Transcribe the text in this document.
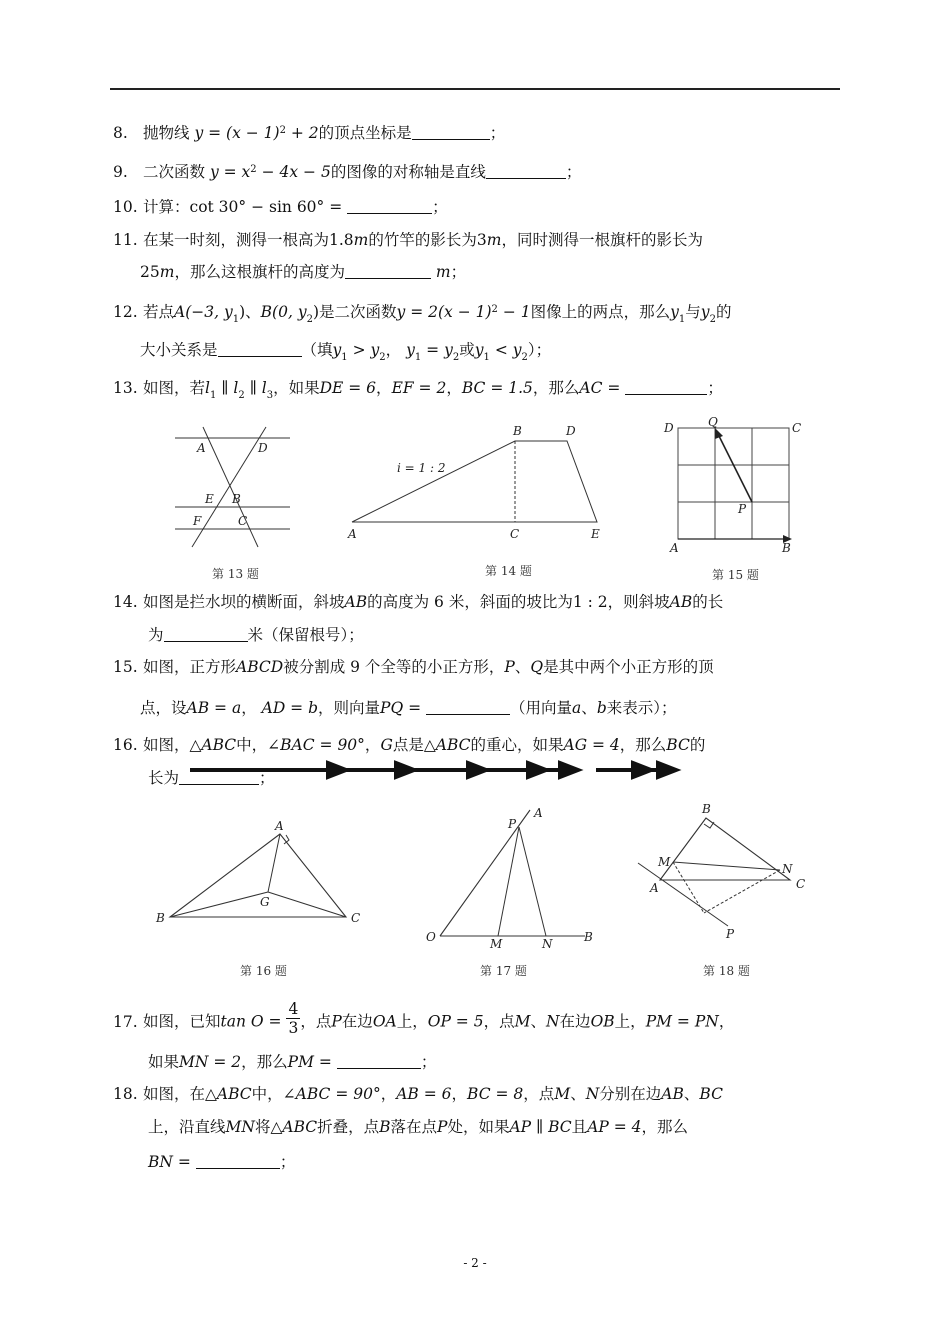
8. 抛物线 $y = (x - 1)^2 + 2$的顶点坐标是	；
9. 二次函数 $y = x^2 - 4x - 5$的图像的对称轴是直线	；
10. 计算：cot 30° − sin 60° =	；
11. 在某一时刻，测得一根高为1.8m的竹竿的影长为3m，同时测得一根旗杆的影长为
25m，那么这根旗杆的高度为	m；
12. 若点A(−3, $y_1$)、B(0, $y_2$)是二次函数$y = 2(x - 1)^2 - 1$图像上的两点，那么$y_1$与$y_2$的
大小关系是	（填$y_1 > y_2$， $y_1 = y_2$或$y_1 < y_2$）；
13. 如图，若$l_1$ ∥ $l_2$ ∥ $l_3$，如果DE = 6，EF = 2，BC = 1.5，那么AC =	；
A	D
E B
F	C
第 13 题
i = 1 : 2
A
B
C
D
E
第 14 题
D	Q	C
P
A	B
第 15 题
14. 如图是拦水坝的横断面，斜坡AB的高度为 6 米，斜面的坡比为1 : 2，则斜坡AB的长
为	米（保留根号）；
15. 如图，正方形ABCD被分割成 9 个全等的小正方形，P、Q是其中两个小正方形的顶
点，设AB = a， AD = b，则向量PQ =	（用向量a、b来表示）；
16. 如图，△ABC中，∠BAC = 90°，G点是△ABC的重心，如果AG = 4，那么BC的
长为	；
A
G
B	C
第 16 题
P
A
O	M	N	B
第 17 题
B
M	N
A	C
P
第 18 题
17. 如图，已知$\tan O = \frac{4}{3}$ ，点P在边OA上，OP = 5，点M、N在边OB上，PM = PN，
如果MN = 2，那么PM =	；
18. 如图，在△ABC中，∠ABC = 90°，AB = 6，BC = 8，点M、N分别在边AB、BC
上，沿直线MN将△ABC折叠，点B落在点P处，如果AP ∥ BC且AP = 4，那么
BN =	；
- 2 -
